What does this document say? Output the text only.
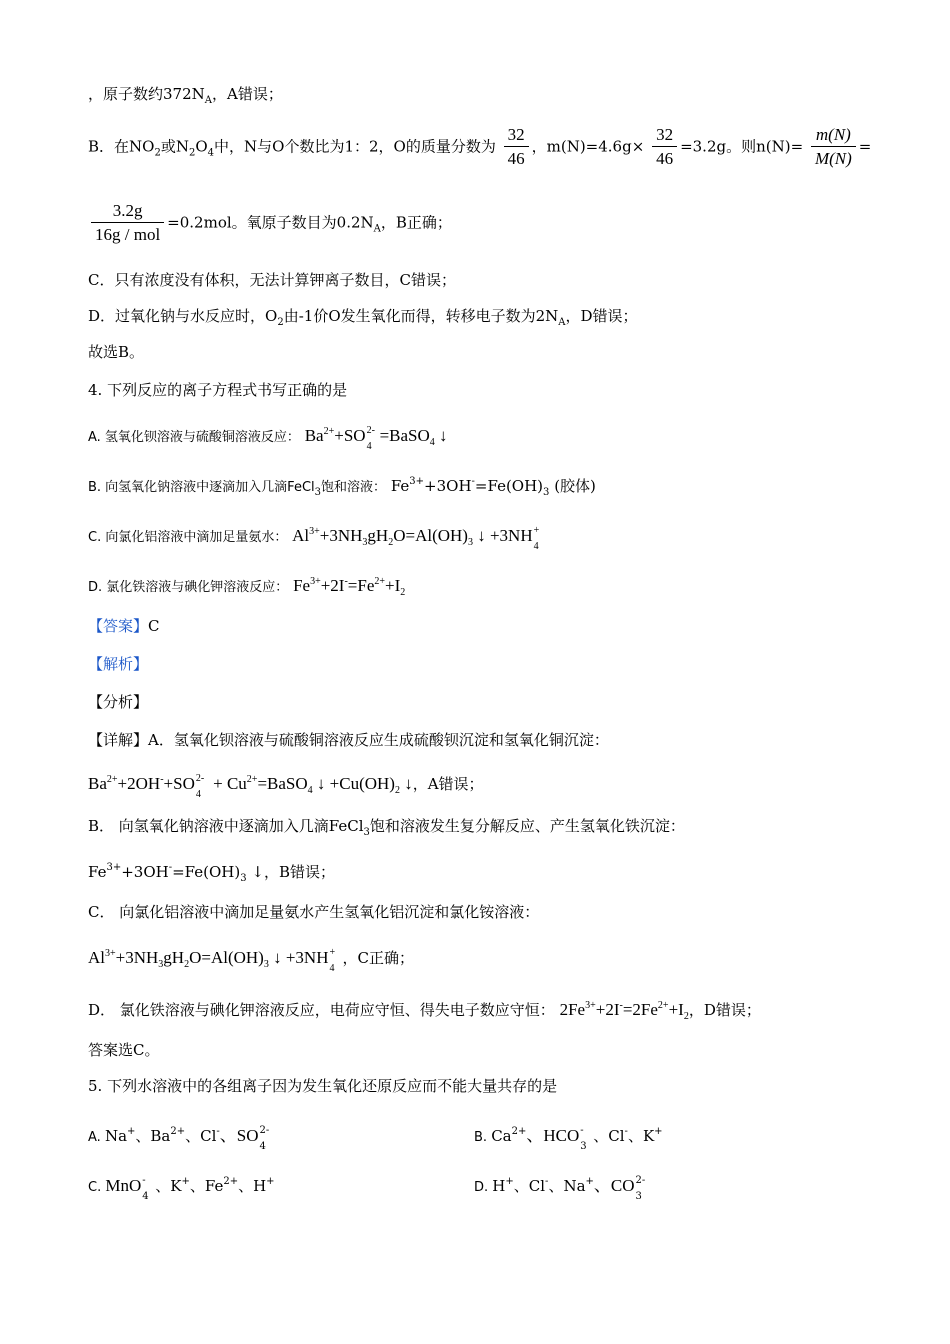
，原子数约$372N_A$，A错误；
B．在$NO_2$或$N_2O_4$中，N与O个数比为1：2，O的质量分数为 $\frac{32}{46}$ ，$m(N)=4.6g\times \frac{32}{46} =3.2g$。则$n(N)= \frac{m(N)}{M(N)}$ =
$\frac{3.2g}{\text{16g / mol}} =0.2mol$。氧原子数目为$0.2N_A$，B正确；
C．只有浓度没有体积，无法计算钾离子数目，C错误；
D．过氧化钠与水反应时，$O_2$由-1价O发生氧化而得，转移电子数为$2N_A$，D错误；
故选B。
4. 下列反应的离子方程式书写正确的是
A. 氢氧化钡溶液与硫酸铜溶液反应： $Ba^{2+}+SO$ 2-
4
=BaSO$_4$ ↓
B. 向氢氧化钠溶液中逐滴加入几滴FeCl$_3$饱和溶液： $Fe^{3+}+3OH^-=Fe(OH)_3$ (胶体)
C. 向氯化铝溶液中滴加足量氨水： $Al^{3+}+3NH_3gH_2O=Al(OH)_3$ ↓ +3NH +
4
D. 氯化铁溶液与碘化钾溶液反应： $Fe^{3+}+2I^-=Fe^{2+}+I_2$
【答案】C
【解析】
【分析】
【详解】A．氢氧化钡溶液与硫酸铜溶液反应生成硫酸钡沉淀和氢氧化铜沉淀：
$Ba^{2+}+2OH^-+SO$ 2-
4
+ $Cu^{2+}=BaSO_4$ ↓ $+Cu(OH)_2$ ↓，A错误；
B． 向氢氧化钠溶液中逐滴加入几滴FeCl$_3$饱和溶液发生复分解反应、产生氢氧化铁沉淀：
$Fe^{3+}+3OH^-=Fe(OH)_3$ ↓，B错误；
C． 向氯化铝溶液中滴加足量氨水产生氢氧化铝沉淀和氯化铵溶液：
$Al^{3+}+3NH_3gH_2O=Al(OH)_3$ ↓ +3NH +
4
，C正确；
D． 氯化铁溶液与碘化钾溶液反应，电荷应守恒、得失电子数应守恒： $2Fe^{3+}+2I^-=2Fe^{2+}+I_2$，D错误；
答案选C。
5. 下列水溶液中的各组离子因为发生氧化还原反应而不能大量共存的是
A. Na+、$Ba^{2+}$、Cl-、SO 2-
4
B. $Ca^{2+}$、HCO -
3
、Cl-、K+
C. MnO -
4
、K+、$Fe^{2+}$、H+	D. H+、Cl-、Na+、CO 2-
3
